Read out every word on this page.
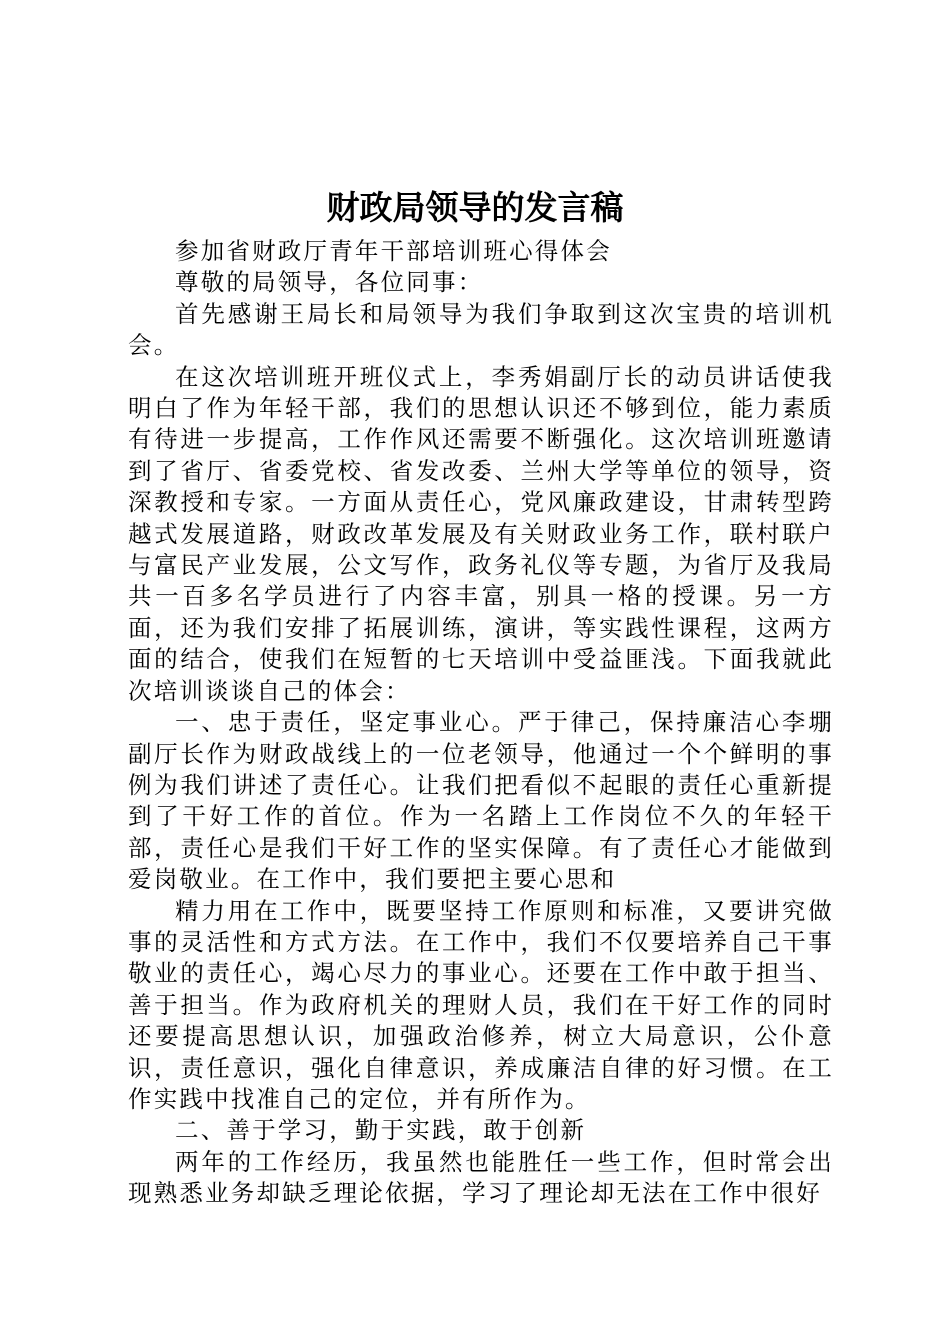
财政局领导的发言稿

参加省财政厅青年干部培训班心得体会

尊敬的局领导，各位同事：

首先感谢王局长和局领导为我们争取到这次宝贵的培训机会。

在这次培训班开班仪式上，李秀娟副厅长的动员讲话使我明白了作为年轻干部，我们的思想认识还不够到位，能力素质有待进一步提高，工作作风还需要不断强化。这次培训班邀请到了省厅、省委党校、省发改委、兰州大学等单位的领导，资深教授和专家。一方面从责任心，党风廉政建设，甘肃转型跨越式发展道路，财政改革发展及有关财政业务工作，联村联户与富民产业发展，公文写作，政务礼仪等专题，为省厅及我局共一百多名学员进行了内容丰富，别具一格的授课。另一方面，还为我们安排了拓展训练，演讲，等实践性课程，这两方面的结合，使我们在短暂的七天培训中受益匪浅。下面我就此次培训谈谈自己的体会：

一、忠于责任，坚定事业心。严于律己，保持廉洁心李堋副厅长作为财政战线上的一位老领导，他通过一个个鲜明的事例为我们讲述了责任心。让我们把看似不起眼的责任心重新提到了干好工作的首位。作为一名踏上工作岗位不久的年轻干部，责任心是我们干好工作的坚实保障。有了责任心才能做到爱岗敬业。在工作中，我们要把主要心思和

精力用在工作中，既要坚持工作原则和标准，又要讲究做事的灵活性和方式方法。在工作中，我们不仅要培养自己干事敬业的责任心，竭心尽力的事业心。还要在工作中敢于担当、善于担当。作为政府机关的理财人员，我们在干好工作的同时还要提高思想认识，加强政治修养，树立大局意识，公仆意识，责任意识，强化自律意识，养成廉洁自律的好习惯。在工作实践中找准自己的定位，并有所作为。

二、善于学习，勤于实践，敢于创新

两年的工作经历，我虽然也能胜任一些工作，但时常会出现熟悉业务却缺乏理论依据，学习了理论却无法在工作中很好
